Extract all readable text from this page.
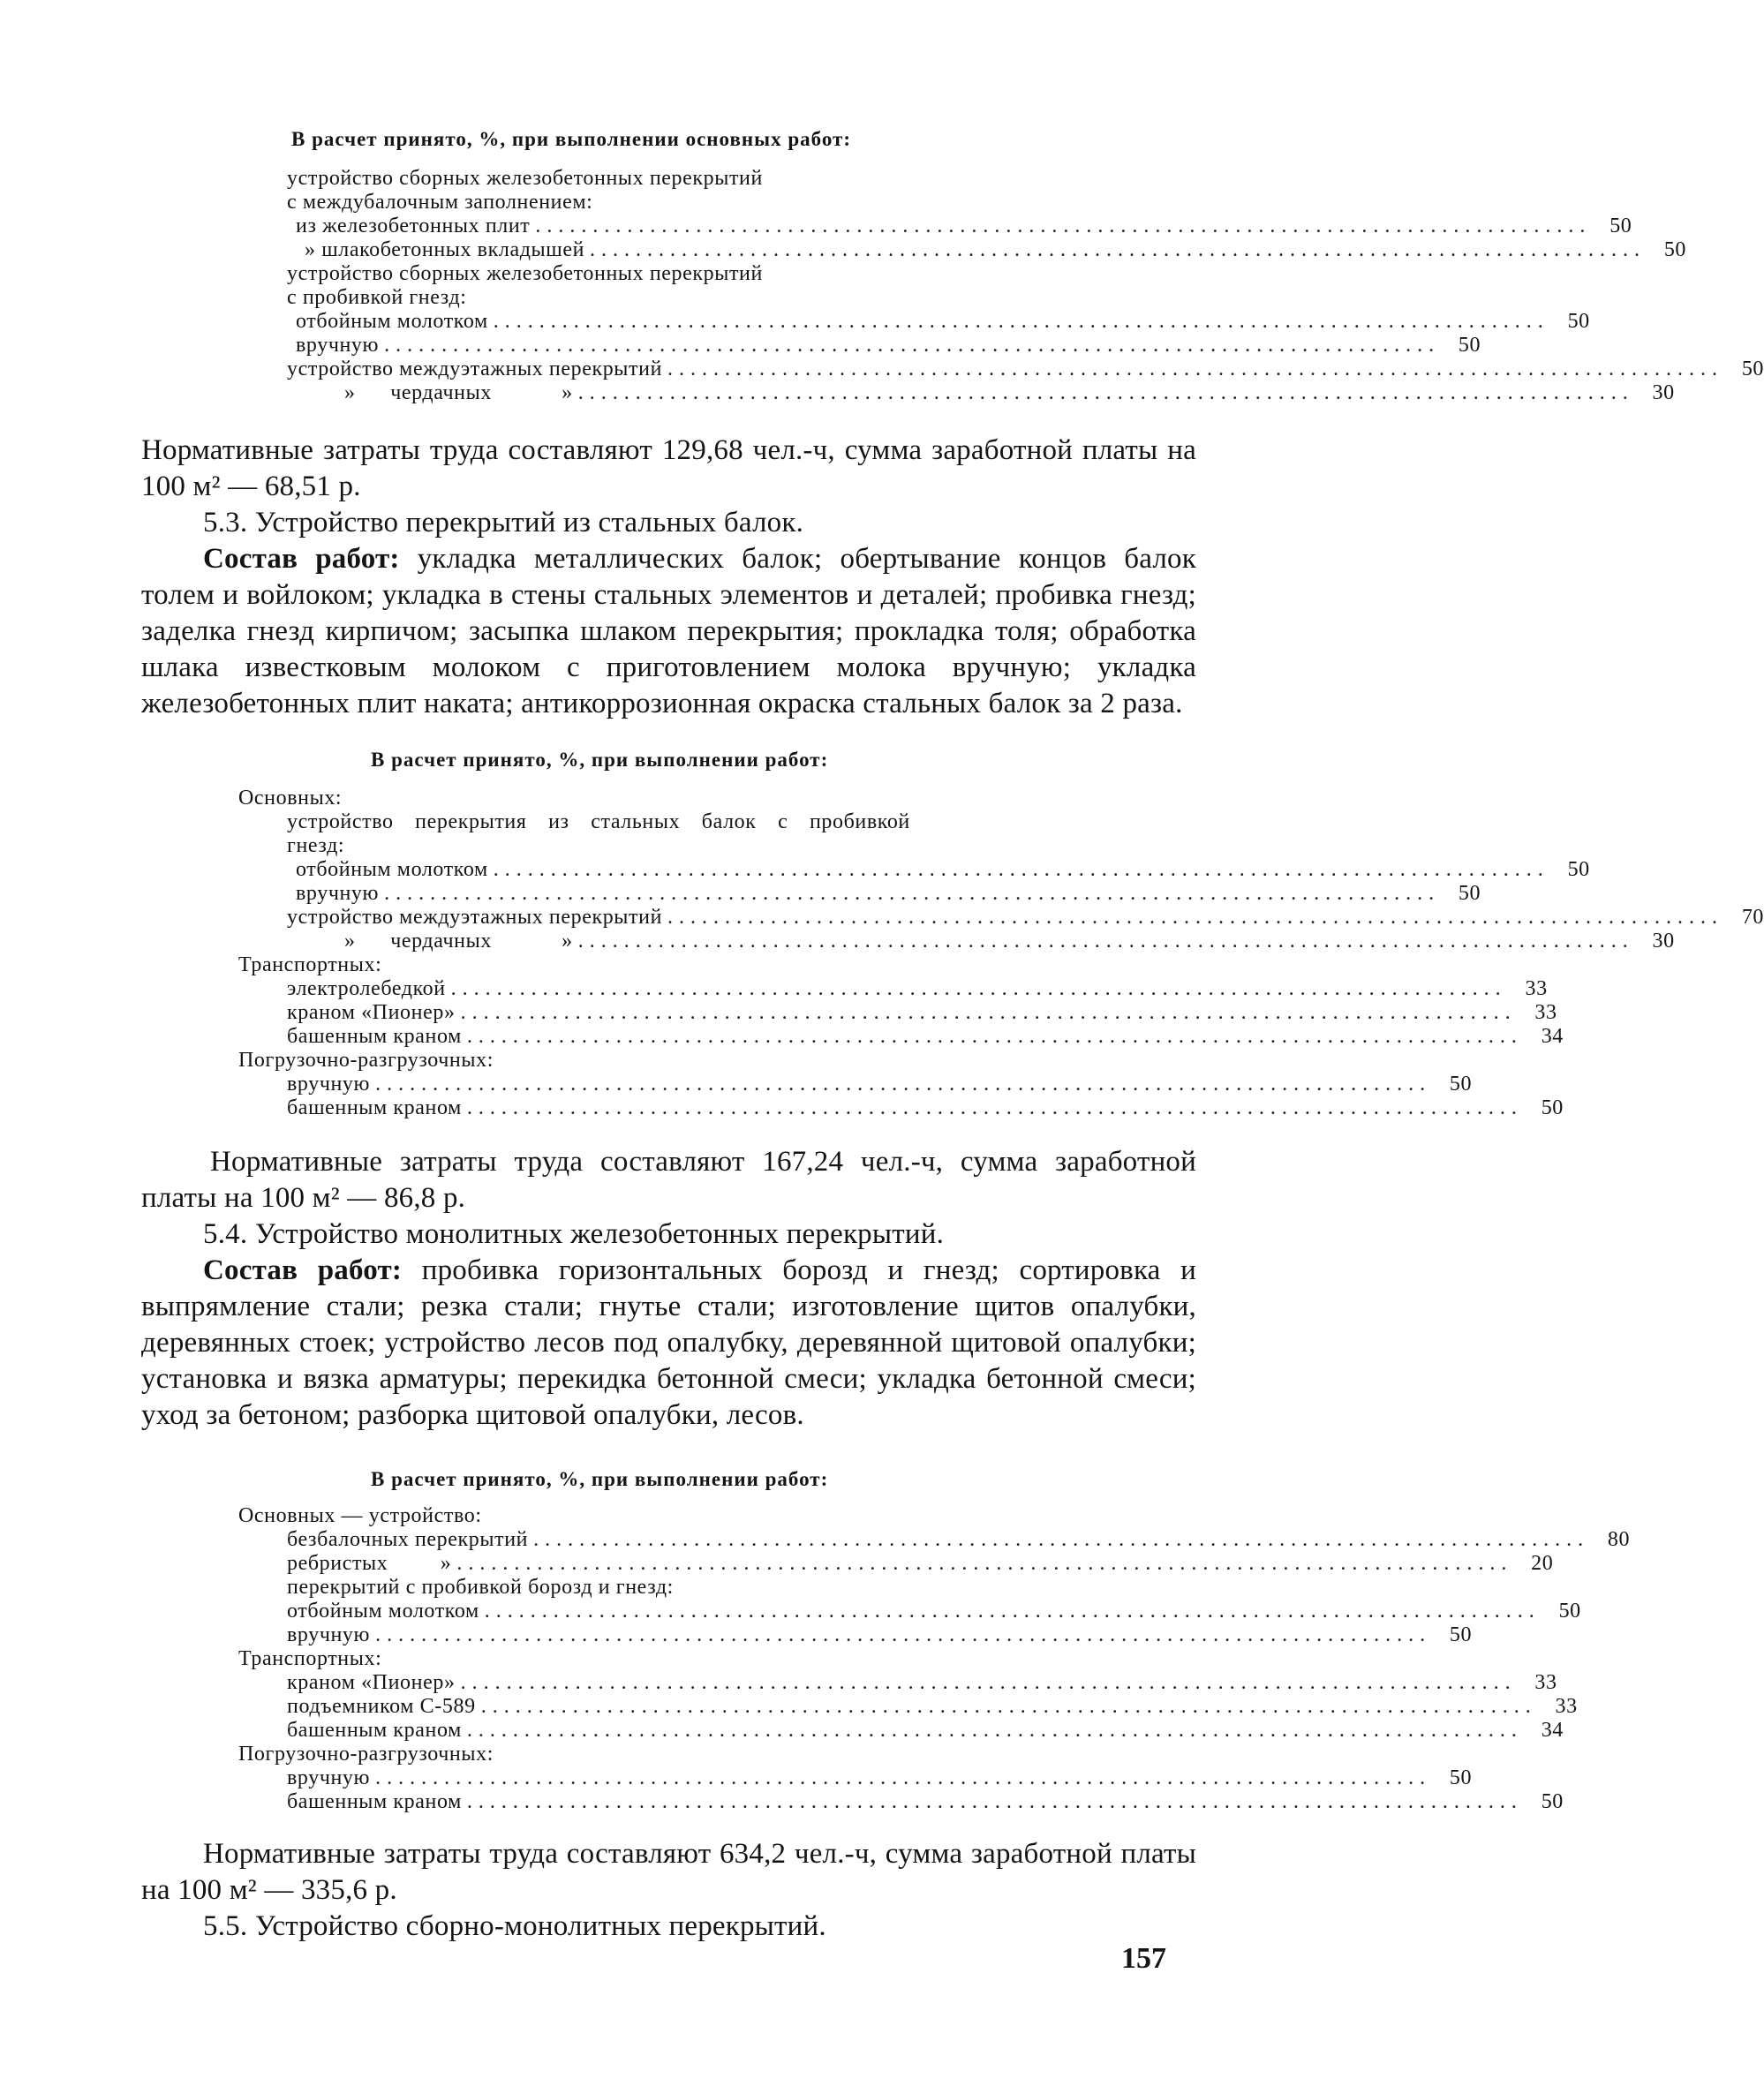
В расчет принято, %, при выполнении основных работ:
устройство сборных железобетонных перекрытий
с междубалочным заполнением:
из железобетонных плит ............................................................................................ 50
» шлакобетонных вкладышей ............................................................................................ 50
устройство сборных железобетонных перекрытий
с пробивкой гнезд:
отбойным молотком ............................................................................................ 50
вручную ............................................................................................ 50
устройство междуэтажных перекрытий ............................................................................................ 50
»      чердачных            » ............................................................................................ 30

Нормативные затраты труда составляют 129,68 чел.-ч, сумма заработной платы на 100 м² — 68,51 р.

5.3. Устройство перекрытий из стальных балок.

Состав работ: укладка металлических балок; обертывание концов балок толем и войлоком; укладка в стены стальных элементов и деталей; пробивка гнезд; заделка гнезд кирпичом; засыпка шлаком перекрытия; прокладка толя; обработка шлака известковым молоком с приготовлением молока вручную; укладка железобетонных плит наката; антикоррозионная окраска стальных балок за 2 раза.

В расчет принято, %, при выполнении работ:
Основных:
устройство перекрытия из стальных балок с пробивкой
гнезд:
отбойным молотком ............................................................................................ 50
вручную ............................................................................................ 50
устройство междуэтажных перекрытий ............................................................................................ 70
»      чердачных            » ............................................................................................ 30
Транспортных:
электролебедкой ............................................................................................ 33
краном «Пионер» ............................................................................................ 33
башенным краном ............................................................................................ 34
Погрузочно-разгрузочных:
вручную ............................................................................................ 50
башенным краном ............................................................................................ 50

Нормативные затраты труда составляют 167,24 чел.-ч, сумма заработной платы на 100 м² — 86,8 р.

5.4. Устройство монолитных железобетонных перекрытий.

Состав работ: пробивка горизонтальных борозд и гнезд; сортировка и выпрямление стали; резка стали; гнутье стали; изготовление щитов опалубки, деревянных стоек; устройство лесов под опалубку, деревянной щитовой опалубки; установка и вязка арматуры; перекидка бетонной смеси; укладка бетонной смеси; уход за бетоном; разборка щитовой опалубки, лесов.

В расчет принято, %, при выполнении работ:
Основных — устройство:
безбалочных перекрытий ............................................................................................ 80
ребристых         » ............................................................................................ 20
перекрытий с пробивкой борозд и гнезд:
отбойным молотком ............................................................................................ 50
вручную ............................................................................................ 50
Транспортных:
краном «Пионер» ............................................................................................ 33
подъемником С-589 ............................................................................................ 33
башенным краном ............................................................................................ 34
Погрузочно-разгрузочных:
вручную ............................................................................................ 50
башенным краном ............................................................................................ 50

Нормативные затраты труда составляют 634,2 чел.-ч, сумма заработной платы на 100 м² — 335,6 р.

5.5. Устройство сборно-монолитных перекрытий.

157
